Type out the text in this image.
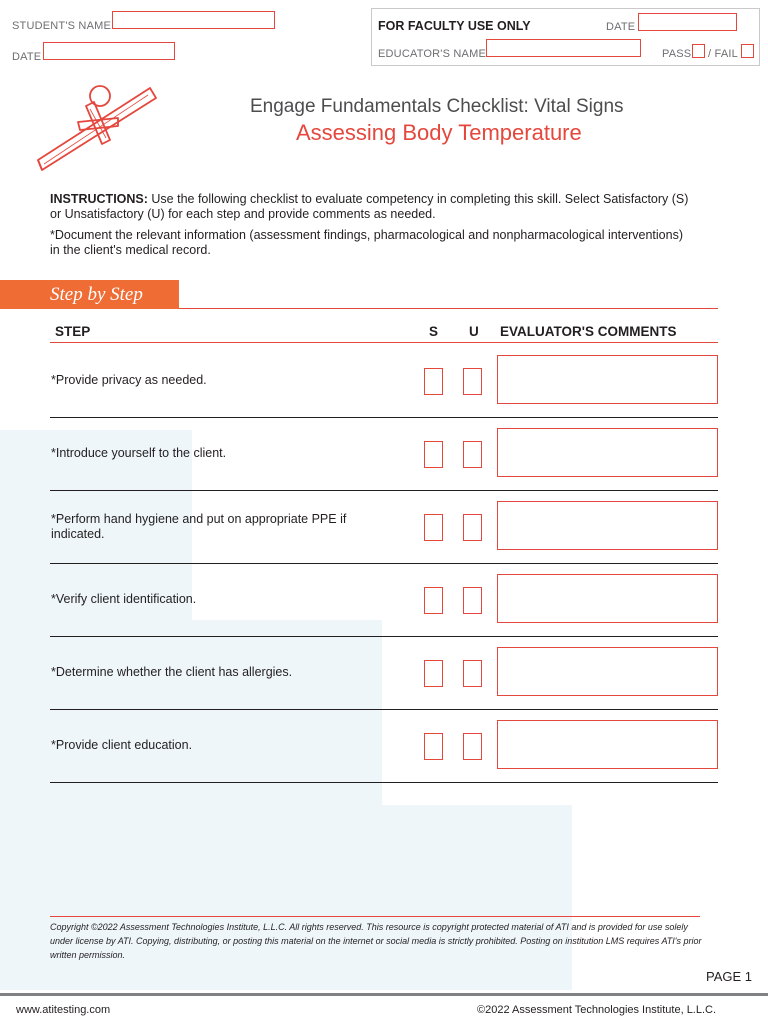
STUDENT'S NAME
DATE
FOR FACULTY USE ONLY	DATE
EDUCATOR'S NAME	PASS / FAIL
Engage Fundamentals Checklist: Vital Signs
Assessing Body Temperature
INSTRUCTIONS: Use the following checklist to evaluate competency in completing this skill. Select Satisfactory (S) or Unsatisfactory (U) for each step and provide comments as needed.
*Document the relevant information (assessment findings, pharmacological and nonpharmacological interventions) in the client's medical record.
Step by Step
STEP	S U EVALUATOR'S COMMENTS
*Provide privacy as needed.
*Introduce yourself to the client.
*Perform hand hygiene and put on appropriate PPE if indicated.
*Verify client identification.
*Determine whether the client has allergies.
*Provide client education.
Copyright ©2022 Assessment Technologies Institute, L.L.C. All rights reserved. This resource is copyright protected material of ATI and is provided for use solely under license by ATI. Copying, distributing, or posting this material on the internet or social media is strictly prohibited. Posting on institution LMS requires ATI's prior written permission.
PAGE 1
www.atitesting.com	©2022 Assessment Technologies Institute, L.L.C.
